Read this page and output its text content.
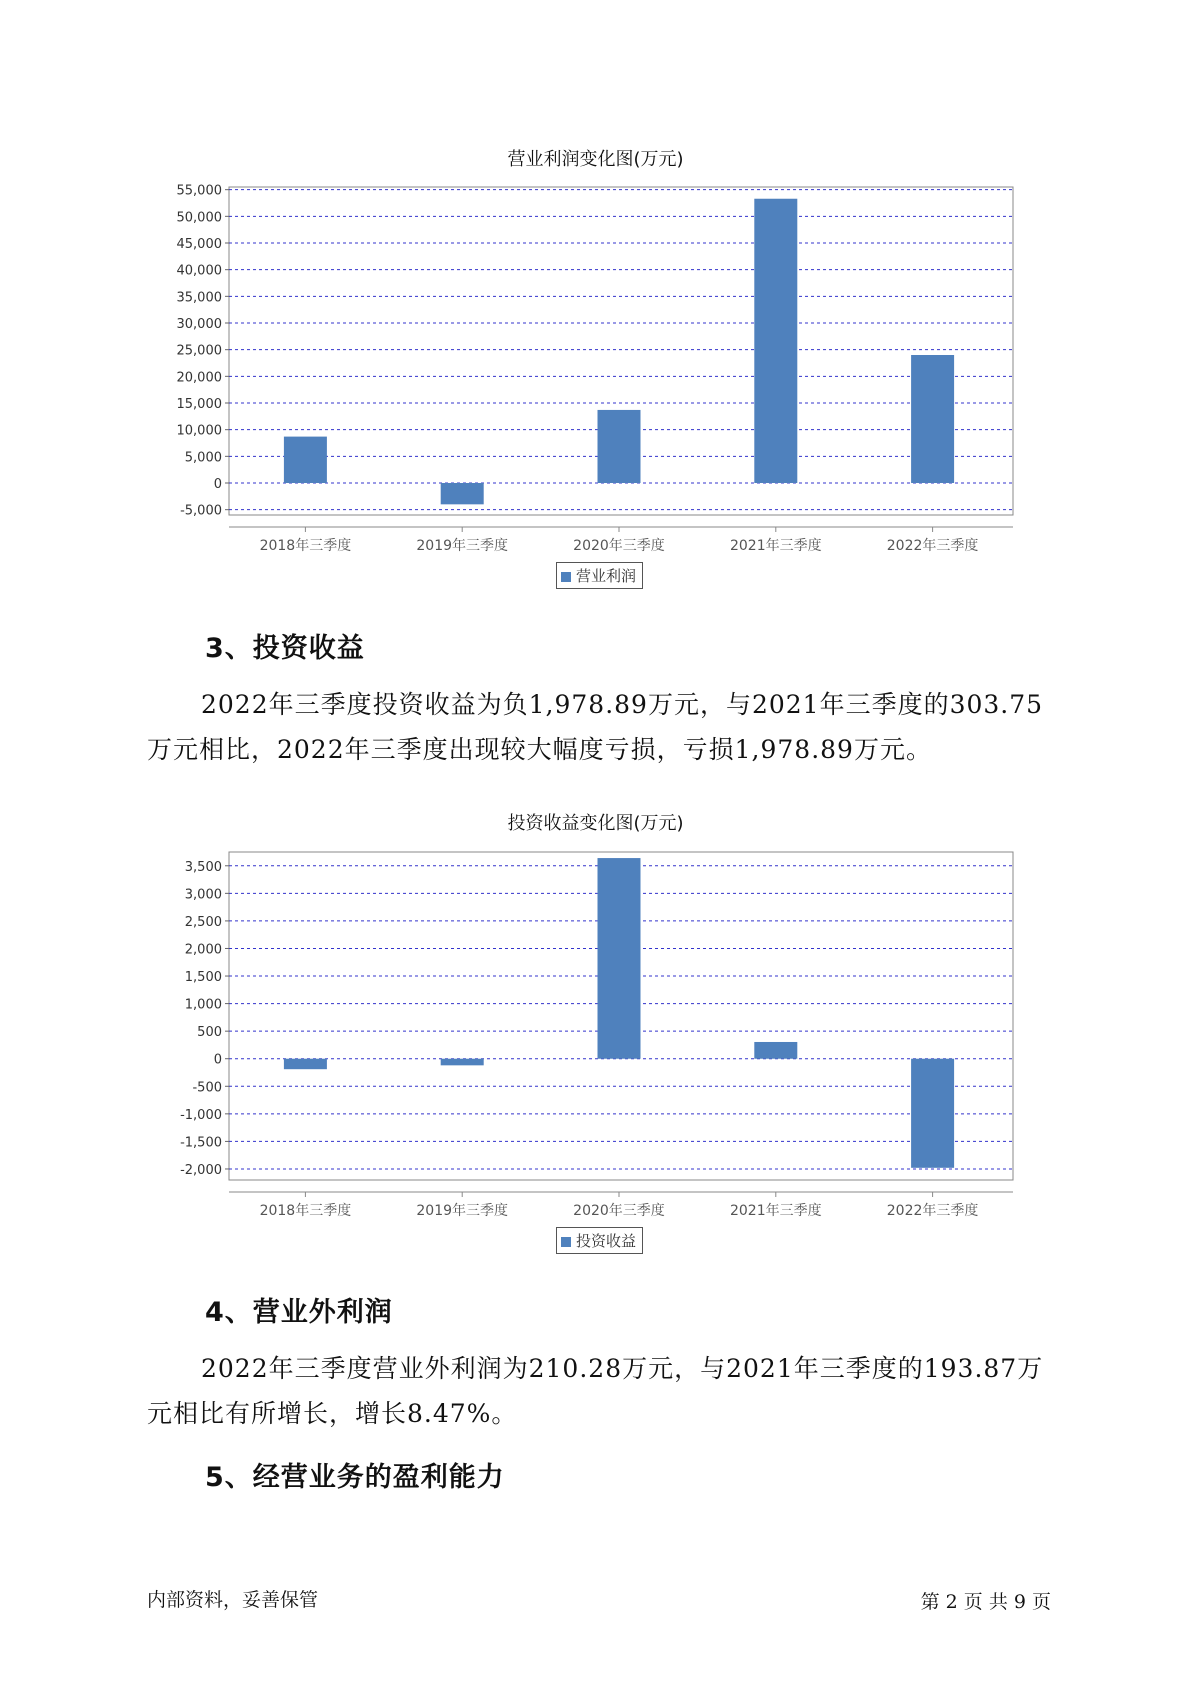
营业利润变化图(万元)
-5,000
0
5,000
10,000
15,000
20,000
25,000
30,000
35,000
40,000
45,000
50,000
55,000
2018年三季度	2019年三季度	2020年三季度	2021年三季度	2022年三季度
营业利润
3、投资收益
2022年三季度投资收益为负1,978.89万元，与2021年三季度的303.75
万元相比，2022年三季度出现较大幅度亏损，亏损1,978.89万元。
投资收益变化图(万元)
-2,000
-1,500
-1,000
-500
0
500
1,000
1,500
2,000
2,500
3,000
3,500
2018年三季度	2019年三季度	2020年三季度	2021年三季度	2022年三季度
投资收益
4、营业外利润
2022年三季度营业外利润为210.28万元，与2021年三季度的193.87万
元相比有所增长，增长8.47%。
5、经营业务的盈利能力
内部资料，妥善保管	第 2 页 共 9 页
